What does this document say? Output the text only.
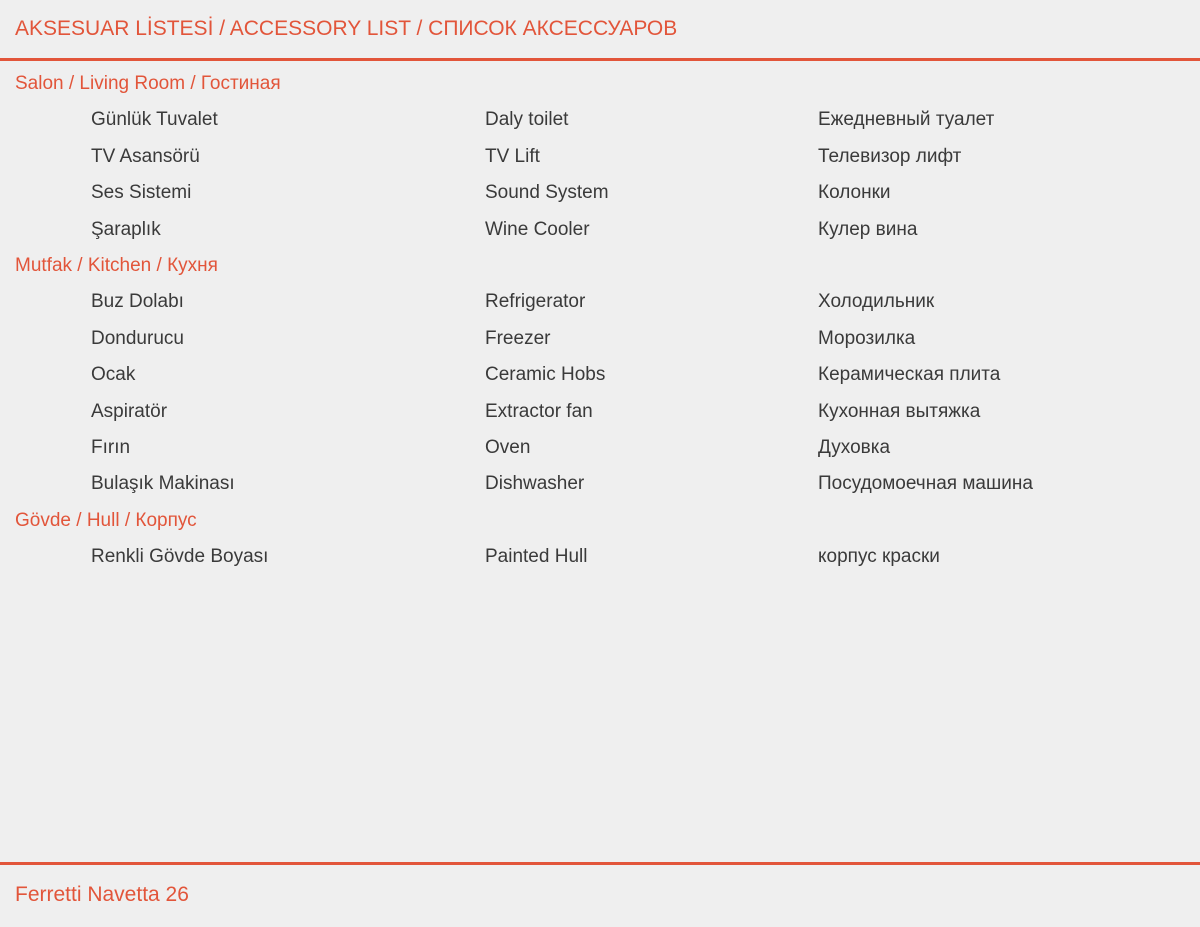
AKSESUAR LİSTESİ / ACCESSORY LIST / СПИСОК АКСЕССУАРОВ
Salon / Living Room / Гостиная
Günlük Tuvalet	Daly toilet	Ежедневный туалет
TV Asansörü	TV Lift	Телевизор лифт
Ses Sistemi	Sound System	Колонки
Şaraplık	Wine Cooler	Кулер вина
Mutfak / Kitchen / Кухня
Buz Dolabı	Refrigerator	Холодильник
Dondurucu	Freezer	Морозилка
Ocak	Ceramic Hobs	Керамическая плита
Aspiratör	Extractor fan	Кухонная вытяжка
Fırın	Oven	Духовка
Bulaşık Makinası	Dishwasher	Посудомоечная машина
Gövde / Hull / Корпус
Renkli Gövde Boyası	Painted Hull	корпус краски
Ferretti Navetta 26
